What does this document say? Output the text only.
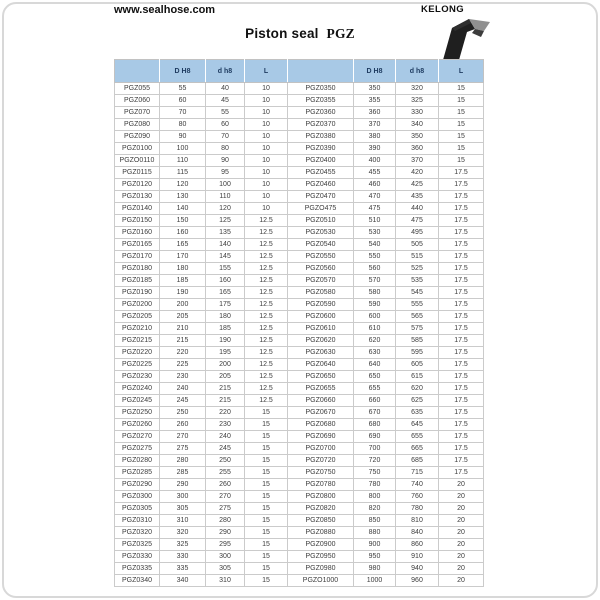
www.sealhose.com	KELONG
Piston seal PGZ
	D H8	d h8	L		D H8	d h8	L
PGZ055	55	40	10	PGZ0350	350	320	15
PGZ060	60	45	10	PGZ0355	355	325	15
PGZ070	70	55	10	PGZ0360	360	330	15
PGZ080	80	60	10	PGZ0370	370	340	15
PGZ090	90	70	10	PGZ0380	380	350	15
PGZ0100	100	80	10	PGZ0390	390	360	15
PGZO0110	110	90	10	PGZ0400	400	370	15
PGZ0115	115	95	10	PGZ0455	455	420	17.5
PGZ0120	120	100	10	PGZ0460	460	425	17.5
PGZ0130	130	110	10	PGZ0470	470	435	17.5
PGZ0140	140	120	10	PGZO475	475	440	17.5
PGZ0150	150	125	12.5	PGZ0510	510	475	17.5
PGZ0160	160	135	12.5	PGZ0530	530	495	17.5
PGZ0165	165	140	12.5	PGZ0540	540	505	17.5
PGZ0170	170	145	12.5	PGZ0550	550	515	17.5
PGZ0180	180	155	12.5	PGZ0560	560	525	17.5
PGZ0185	185	160	12.5	PGZ0570	570	535	17.5
PGZ0190	190	165	12.5	PGZ0580	580	545	17.5
PGZ0200	200	175	12.5	PGZ0590	590	555	17.5
PGZ0205	205	180	12.5	PGZ0600	600	565	17.5
PGZ0210	210	185	12.5	PGZ0610	610	575	17.5
PGZ0215	215	190	12.5	PGZ0620	620	585	17.5
PGZ0220	220	195	12.5	PGZ0630	630	595	17.5
PGZ0225	225	200	12.5	PGZ0640	640	605	17.5
PGZ0230	230	205	12.5	PGZ0650	650	615	17.5
PGZ0240	240	215	12.5	PGZ0655	655	620	17.5
PGZ0245	245	215	12.5	PGZ0660	660	625	17.5
PGZ0250	250	220	15	PGZ0670	670	635	17.5
PGZ0260	260	230	15	PGZ0680	680	645	17.5
PGZ0270	270	240	15	PGZ0690	690	655	17.5
PGZ0275	275	245	15	PGZ0700	700	665	17.5
PGZ0280	280	250	15	PGZ0720	720	685	17.5
PGZ0285	285	255	15	PGZ0750	750	715	17.5
PGZ0290	290	260	15	PGZ0780	780	740	20
PGZ0300	300	270	15	PGZ0800	800	760	20
PGZ0305	305	275	15	PGZ0820	820	780	20
PGZ0310	310	280	15	PGZ0850	850	810	20
PGZ0320	320	290	15	PGZ0880	880	840	20
PGZ0325	325	295	15	PGZ0900	900	860	20
PGZ0330	330	300	15	PGZ0950	950	910	20
PGZ0335	335	305	15	PGZ0980	980	940	20
PGZ0340	340	310	15	PGZO1000	1000	960	20
